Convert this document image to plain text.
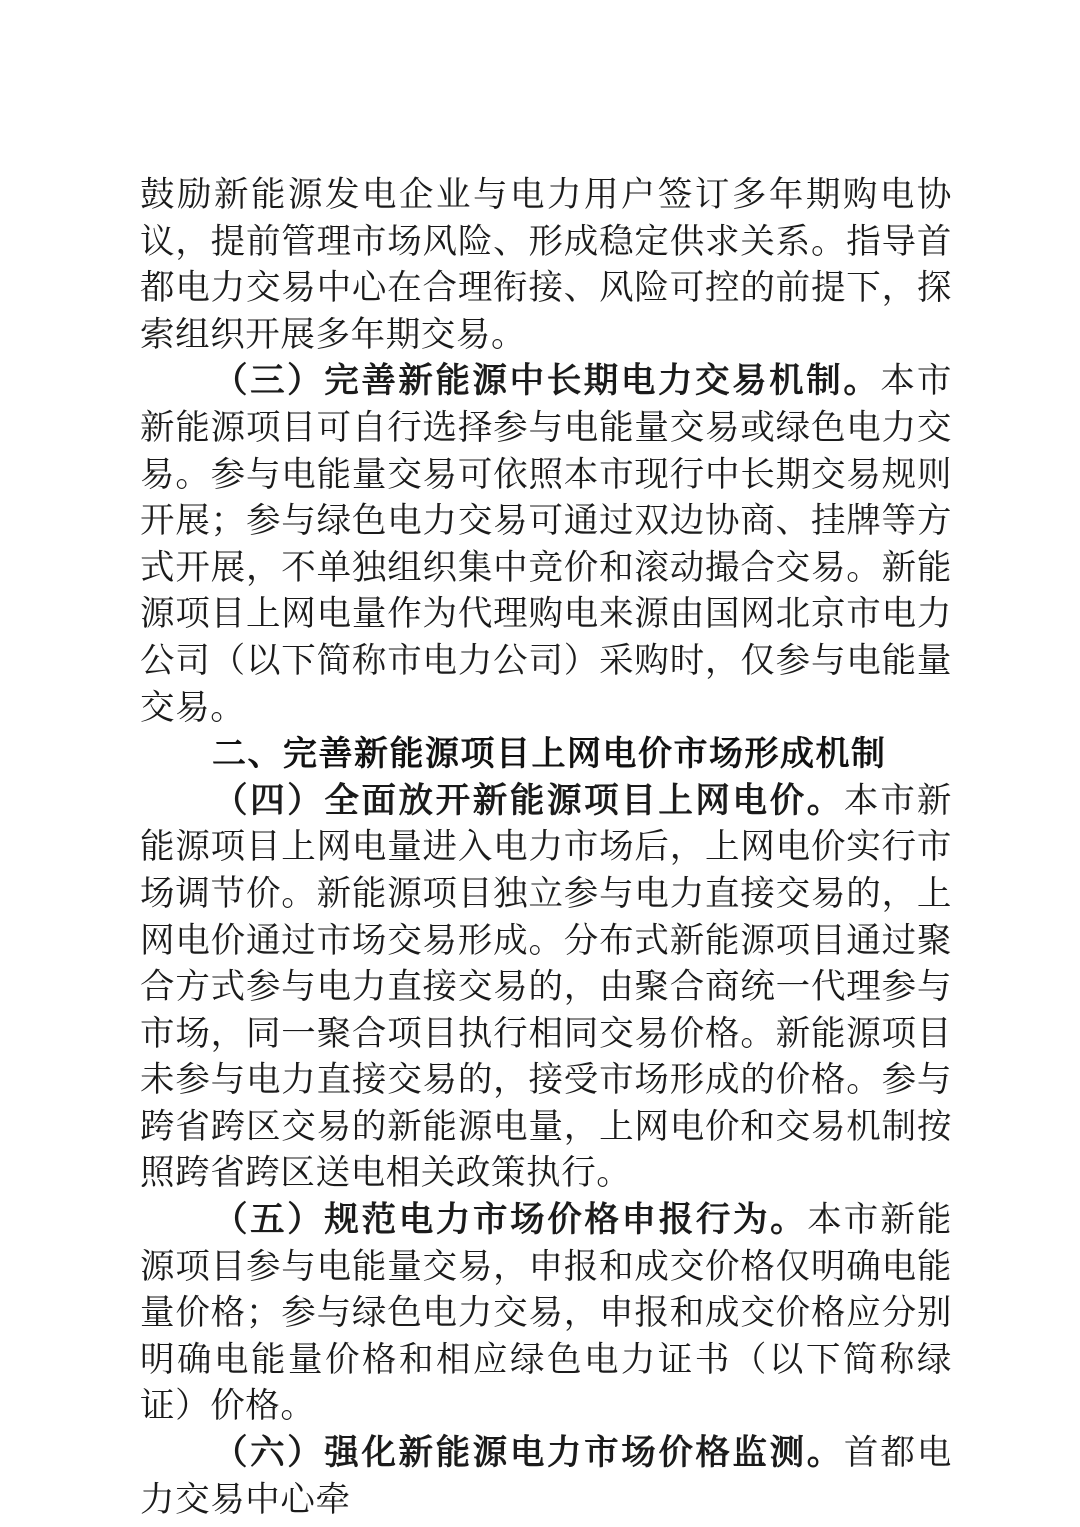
鼓励新能源发电企业与电力用户签订多年期购电协议，提前管理市场风险、形成稳定供求关系。指导首都电力交易中心在合理衔接、风险可控的前提下，探索组织开展多年期交易。

（三）完善新能源中长期电力交易机制。本市新能源项目可自行选择参与电能量交易或绿色电力交易。参与电能量交易可依照本市现行中长期交易规则开展；参与绿色电力交易可通过双边协商、挂牌等方式开展，不单独组织集中竞价和滚动撮合交易。新能源项目上网电量作为代理购电来源由国网北京市电力公司（以下简称市电力公司）采购时，仅参与电能量交易。

二、完善新能源项目上网电价市场形成机制

（四）全面放开新能源项目上网电价。本市新能源项目上网电量进入电力市场后，上网电价实行市场调节价。新能源项目独立参与电力直接交易的，上网电价通过市场交易形成。分布式新能源项目通过聚合方式参与电力直接交易的，由聚合商统一代理参与市场，同一聚合项目执行相同交易价格。新能源项目未参与电力直接交易的，接受市场形成的价格。参与跨省跨区交易的新能源电量，上网电价和交易机制按照跨省跨区送电相关政策执行。

（五）规范电力市场价格申报行为。本市新能源项目参与电能量交易，申报和成交价格仅明确电能量价格；参与绿色电力交易，申报和成交价格应分别明确电能量价格和相应绿色电力证书（以下简称绿证）价格。

（六）强化新能源电力市场价格监测。首都电力交易中心牵
